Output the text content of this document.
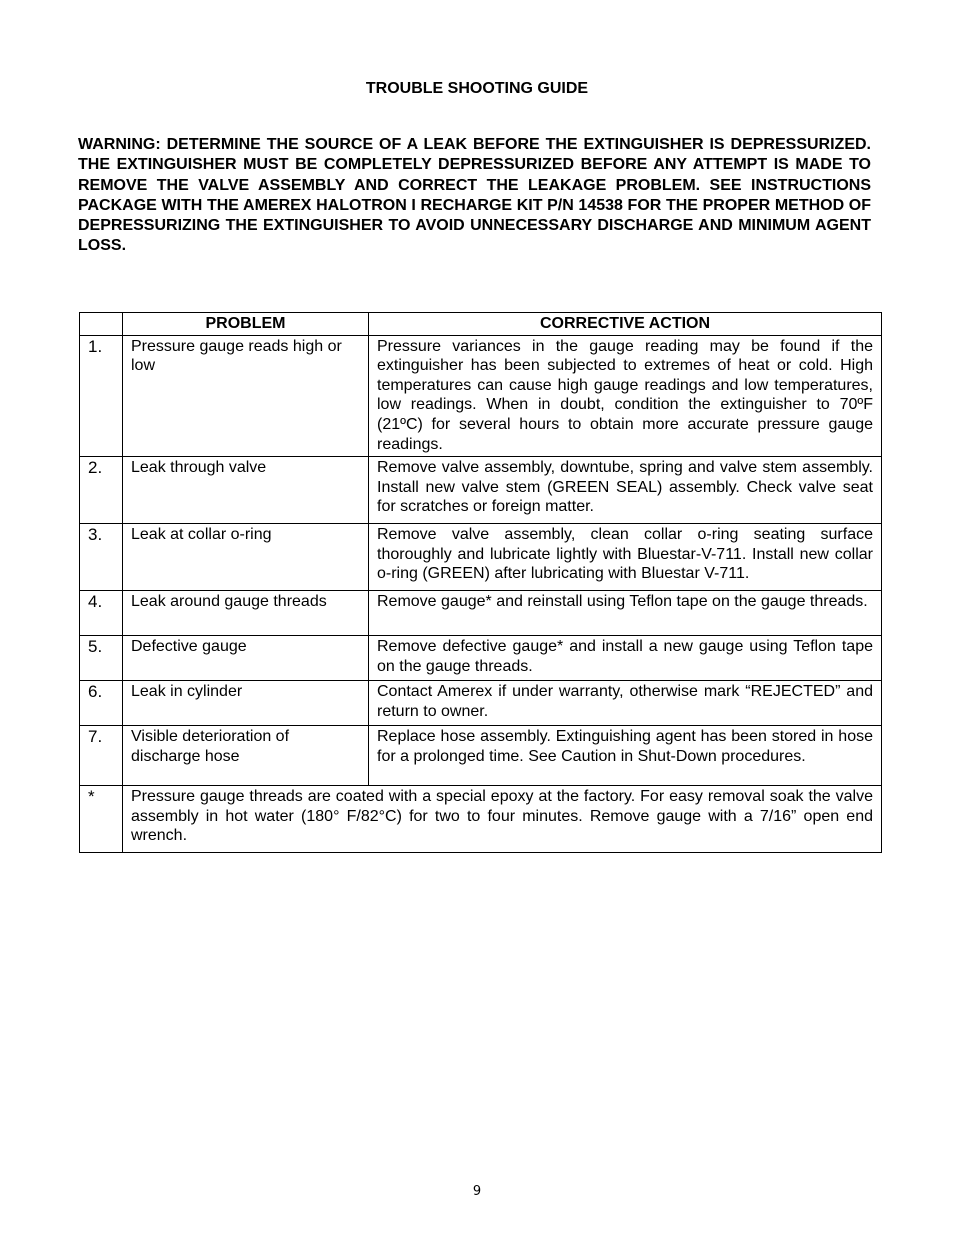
TROUBLE SHOOTING GUIDE

WARNING: DETERMINE THE SOURCE OF A LEAK BEFORE THE EXTINGUISHER IS DEPRESSURIZED. THE EXTINGUISHER MUST BE COMPLETELY DEPRESSURIZED BEFORE ANY ATTEMPT IS MADE TO REMOVE THE VALVE ASSEMBLY AND CORRECT THE LEAKAGE PROBLEM. SEE INSTRUCTIONS PACKAGE WITH THE AMEREX HALOTRON I RECHARGE KIT P/N 14538 FOR THE PROPER METHOD OF DEPRESSURIZING THE EXTINGUISHER TO AVOID UNNECESSARY DISCHARGE AND MINIMUM AGENT LOSS.

	PROBLEM	CORRECTIVE ACTION
1.	Pressure gauge reads high or low	Pressure variances in the gauge reading may be found if the extinguisher has been subjected to extremes of heat or cold. High temperatures can cause high gauge readings and low temperatures, low readings. When in doubt, condition the extinguisher to 70ºF (21ºC) for several hours to obtain more accurate pressure gauge readings.
2.	Leak through valve	Remove valve assembly, downtube, spring and valve stem assembly. Install new valve stem (GREEN SEAL) assembly. Check valve seat for scratches or foreign matter.
3.	Leak at collar o-ring	Remove valve assembly, clean collar o-ring seating surface thoroughly and lubricate lightly with Bluestar-V-711. Install new collar o-ring (GREEN) after lubricating with Bluestar V-711.
4.	Leak around gauge threads	Remove gauge* and reinstall using Teflon tape on the gauge threads.
5.	Defective gauge	Remove defective gauge* and install a new gauge using Teflon tape on the gauge threads.
6.	Leak in cylinder	Contact Amerex if under warranty, otherwise mark “REJECTED” and return to owner.
7.	Visible deterioration of discharge hose	Replace hose assembly. Extinguishing agent has been stored in hose for a prolonged time. See Caution in Shut-Down procedures.
*	Pressure gauge threads are coated with a special epoxy at the factory. For easy removal soak the valve assembly in hot water (180° F/82°C) for two to four minutes. Remove gauge with a 7/16” open end wrench.	
9
